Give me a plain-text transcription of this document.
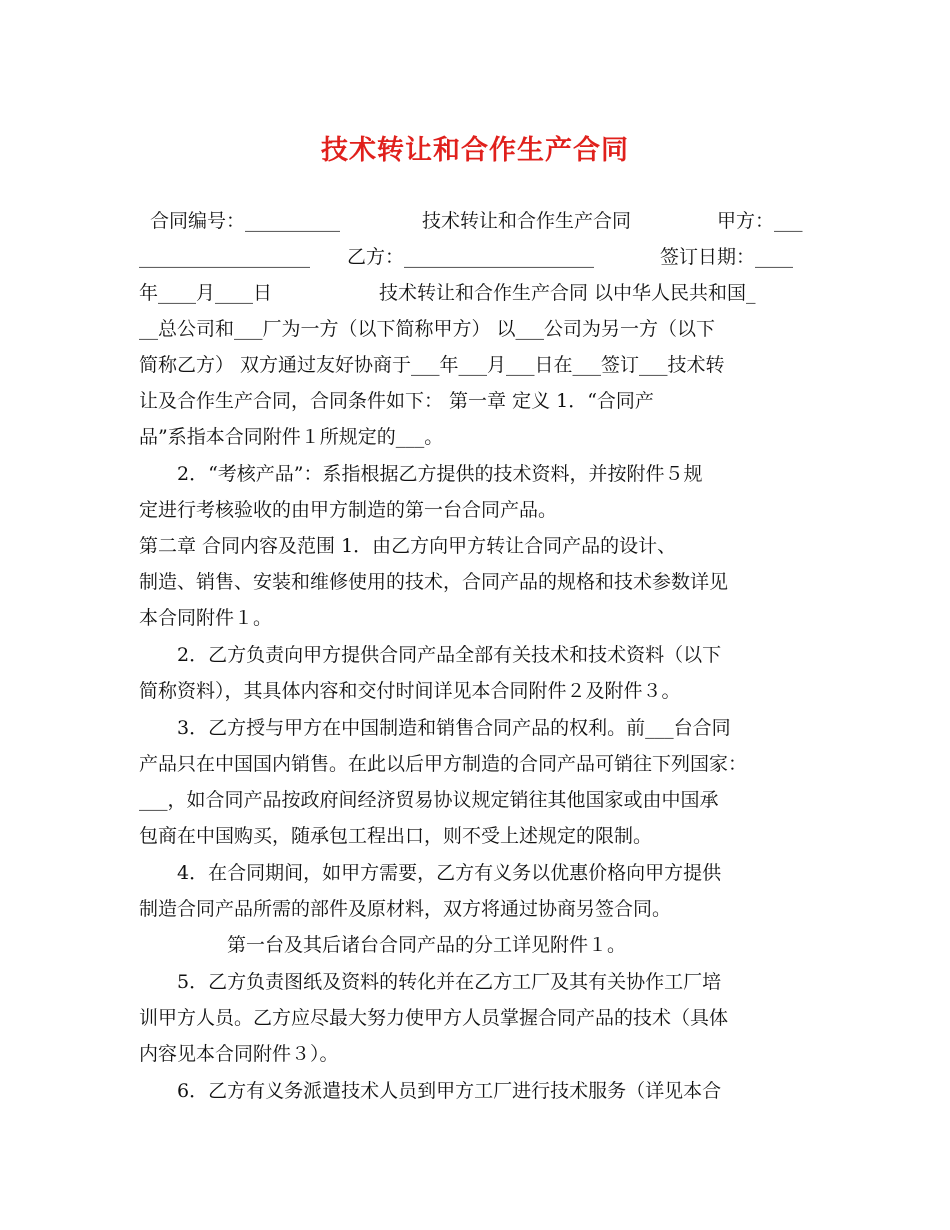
技术转让和合作生产合同
合同编号：__________	技术转让和合作生产合同	甲方：___
__________________ 乙方：____________________	签订日期：____
年____月____日	技术转让和合作生产合同 以中华人民共和国_
__总公司和___厂为一方（以下简称甲方） 以___公司为另一方（以下
简称乙方） 双方通过友好协商于___年___月___日在___签订___技术转
让及合作生产合同，合同条件如下： 第一章 定义 1．“合同产
品”系指本合同附件１所规定的___。
2．“考核产品”：系指根据乙方提供的技术资料，并按附件５规
定进行考核验收的由甲方制造的第一台合同产品。
第二章 合同内容及范围 1．由乙方向甲方转让合同产品的设计、
制造、销售、安装和维修使用的技术，合同产品的规格和技术参数详见
本合同附件１。
2．乙方负责向甲方提供合同产品全部有关技术和技术资料（以下
简称资料），其具体内容和交付时间详见本合同附件２及附件３。
3．乙方授与甲方在中国制造和销售合同产品的权利。前___台合同
产品只在中国国内销售。在此以后甲方制造的合同产品可销往下列国家：
___，如合同产品按政府间经济贸易协议规定销往其他国家或由中国承
包商在中国购买，随承包工程出口，则不受上述规定的限制。
4．在合同期间，如甲方需要，乙方有义务以优惠价格向甲方提供
制造合同产品所需的部件及原材料，双方将通过协商另签合同。
第一台及其后诸台合同产品的分工详见附件１。
5．乙方负责图纸及资料的转化并在乙方工厂及其有关协作工厂培
训甲方人员。乙方应尽最大努力使甲方人员掌握合同产品的技术（具体
内容见本合同附件３）。
6．乙方有义务派遣技术人员到甲方工厂进行技术服务（详见本合
